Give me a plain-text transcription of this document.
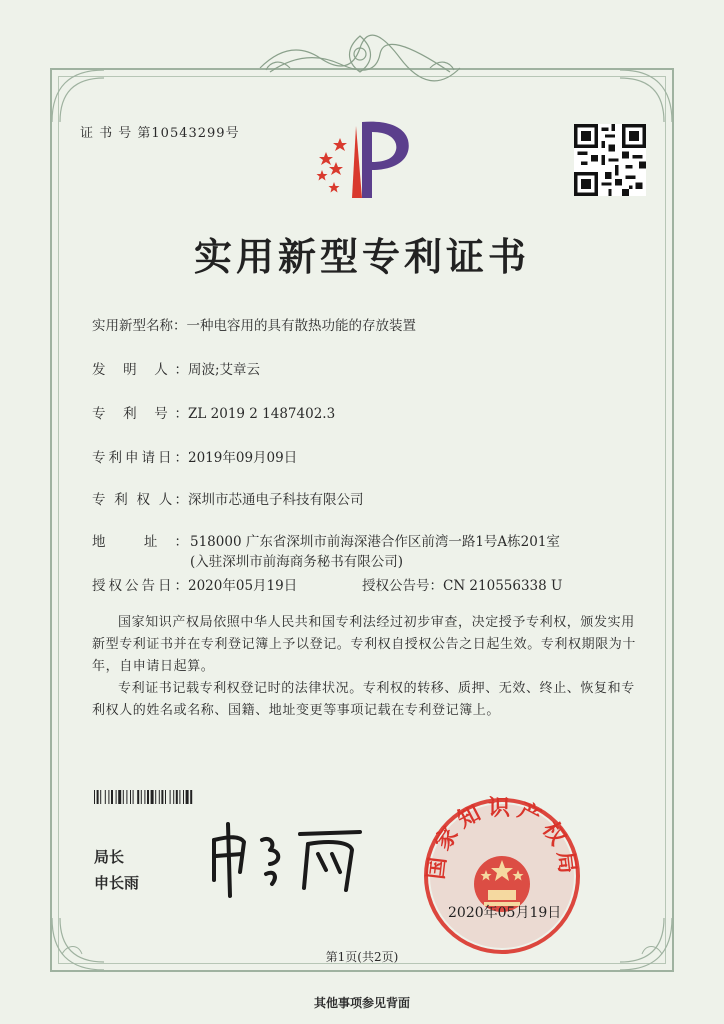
证 书 号 第10543299号
实用新型专利证书
实用新型名称：一种电容用的具有散热功能的存放装置
发 明 人：周波;艾章云
专 利 号：ZL 2019 2 1487402.3
专利申请日：2019年09月09日
专 利 权 人：深圳市芯通电子科技有限公司
地 址： 518000 广东省深圳市前海深港合作区前湾一路1号A栋201室(入驻深圳市前海商务秘书有限公司)
授权公告日：2020年05月19日	授权公告号：CN 210556338 U
国家知识产权局依照中华人民共和国专利法经过初步审查，决定授予专利权，颁发实用新型专利证书并在专利登记簿上予以登记。专利权自授权公告之日起生效。专利权期限为十年，自申请日起算。
专利证书记载专利权登记时的法律状况。专利权的转移、质押、无效、终止、恢复和专利权人的姓名或名称、国籍、地址变更等事项记载在专利登记簿上。
局长
申长雨
国家知识产权局
2020年05月19日
第1页(共2页)
其他事项参见背面
